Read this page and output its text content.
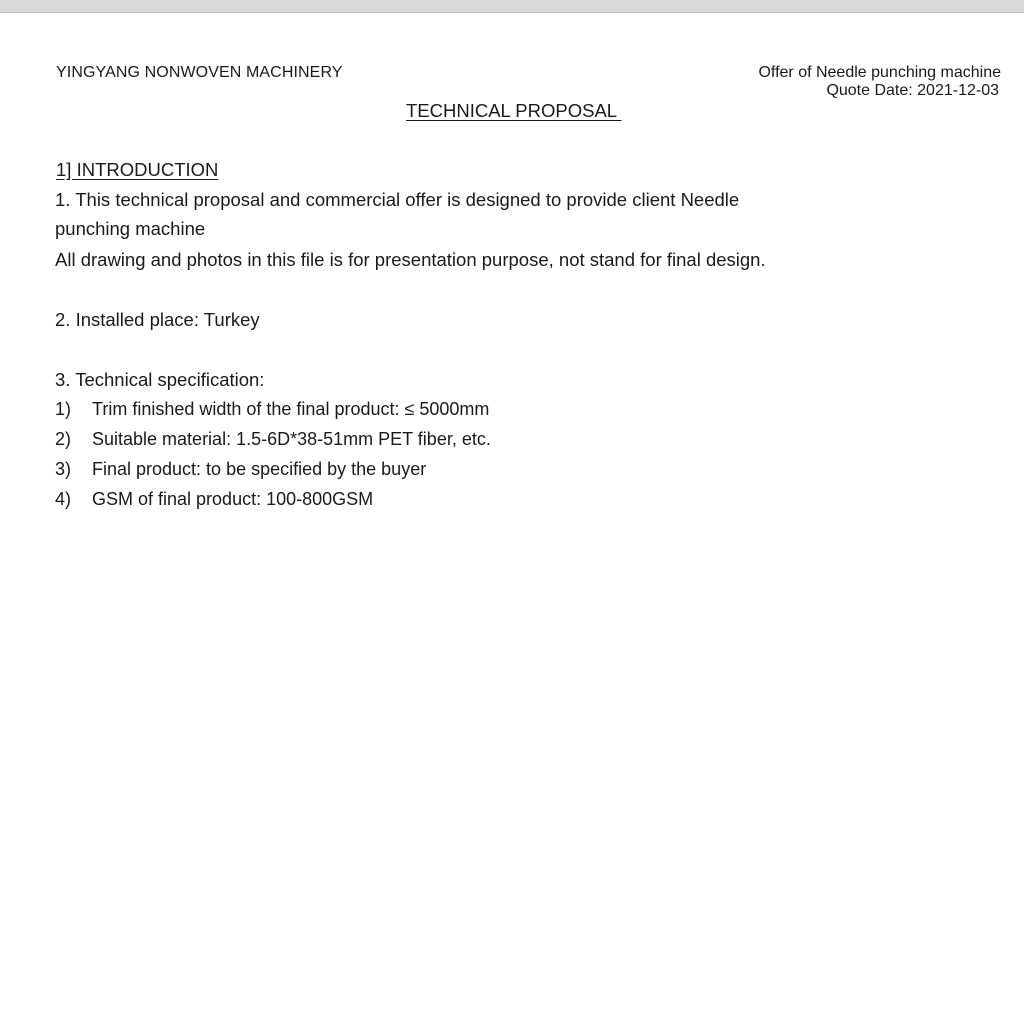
YINGYANG NONWOVEN MACHINERY	Offer of Needle punching machine
Quote Date: 2021-12-03
TECHNICAL PROPOSAL
1] INTRODUCTION
1. This technical proposal and commercial offer is designed to provide client Needle
punching machine
All drawing and photos in this file is for presentation purpose, not stand for final design.
2. Installed place: Turkey
3. Technical specification:
1) Trim finished width of the final product: ≤ 5000mm
2) Suitable material: 1.5-6D*38-51mm PET fiber, etc.
3) Final product: to be specified by the buyer
4) GSM of final product: 100-800GSM
